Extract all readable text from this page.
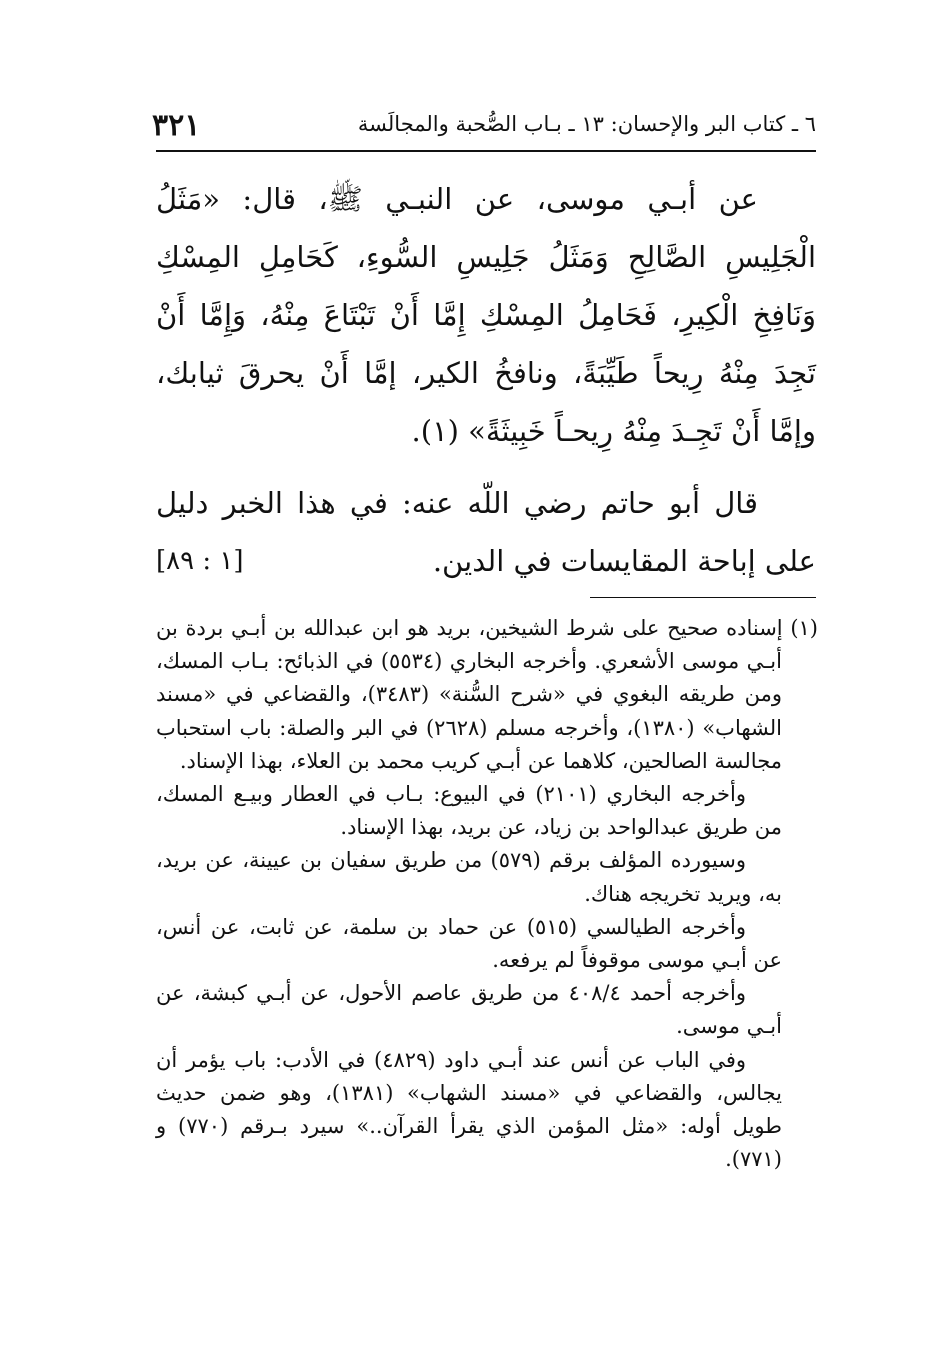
٦ ـ كتاب البر والإحسان: ١٣ ـ بـاب الصُّحبة والمجالَسة
٣٢١

عن أبـي موسى، عن النبـي ﷺ، قال: «مَثَلُ الْجَلِيسِ الصَّالِحِ وَمَثَلُ جَلِيسِ السُّوءِ، كَحَامِلِ المِسْكِ وَنَافِخِ الْكِيرِ، فَحَامِلُ المِسْكِ إِمَّا أَنْ تَبْتَاعَ مِنْهُ، وَإِمَّا أَنْ تَجِدَ مِنْهُ رِيحاً طَيِّبَةً، ونافخُ الكير، إمَّا أَنْ يحرقَ ثيابك، وإمَّا أَنْ تَجِـدَ مِنْهُ رِيحـاً خَبِيثَةً» (١).

قال أبو حاتم رضي اللّه عنه: في هذا الخبر دليل على إباحة المقايسات في الدين.
[١ : ٨٩]

(١) إسناده صحيح على شرط الشيخين، بريد هو ابن عبدالله بن أبـي بردة بن أبـي موسى الأشعري. وأخرجه البخاري (٥٥٣٤) في الذبائح: بـاب المسك، ومن طريقه البغوي في «شرح السُّنة» (٣٤٨٣)، والقضاعي في «مسند الشهاب» (١٣٨٠)، وأخرجه مسلم (٢٦٢٨) في البر والصلة: باب استحباب مجالسة الصالحين، كلاهما عن أبـي كريب محمد بن العلاء، بهذا الإسناد.

وأخرجه البخاري (٢١٠١) في البيوع: بـاب في العطار وبيـع المسك، من طريق عبدالواحد بن زياد، عن بريد، بهذا الإسناد.

وسيورده المؤلف برقم (٥٧٩) من طريق سفيان بن عيينة، عن بريد، به، ويريد تخريجه هناك.

وأخرجه الطيالسي (٥١٥) عن حماد بن سلمة، عن ثابت، عن أنس، عن أبـي موسى موقوفاً لم يرفعه.

وأخرجه أحمد ٤٠٨/٤ من طريق عاصم الأحول، عن أبـي كبشة، عن أبـي موسى.

وفي الباب عن أنس عند أبـي داود (٤٨٢٩) في الأدب: باب يؤمر أن يجالس، والقضاعي في «مسند الشهاب» (١٣٨١)، وهو ضمن حديث طويل أوله: «مثل المؤمن الذي يقرأ القرآن..» سيرد بـرقم (٧٧٠) و (٧٧١).
